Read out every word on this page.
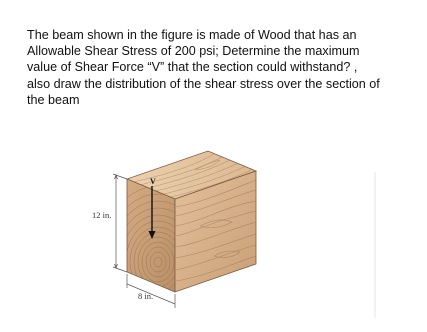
The beam shown in the figure is made of Wood that has an
Allowable Shear Stress of 200 psi; Determine the maximum
value of Shear Force “V” that the section could withstand? ,
also draw the distribution of the shear stress over the section of
the beam

V
12 in.
8 in.
